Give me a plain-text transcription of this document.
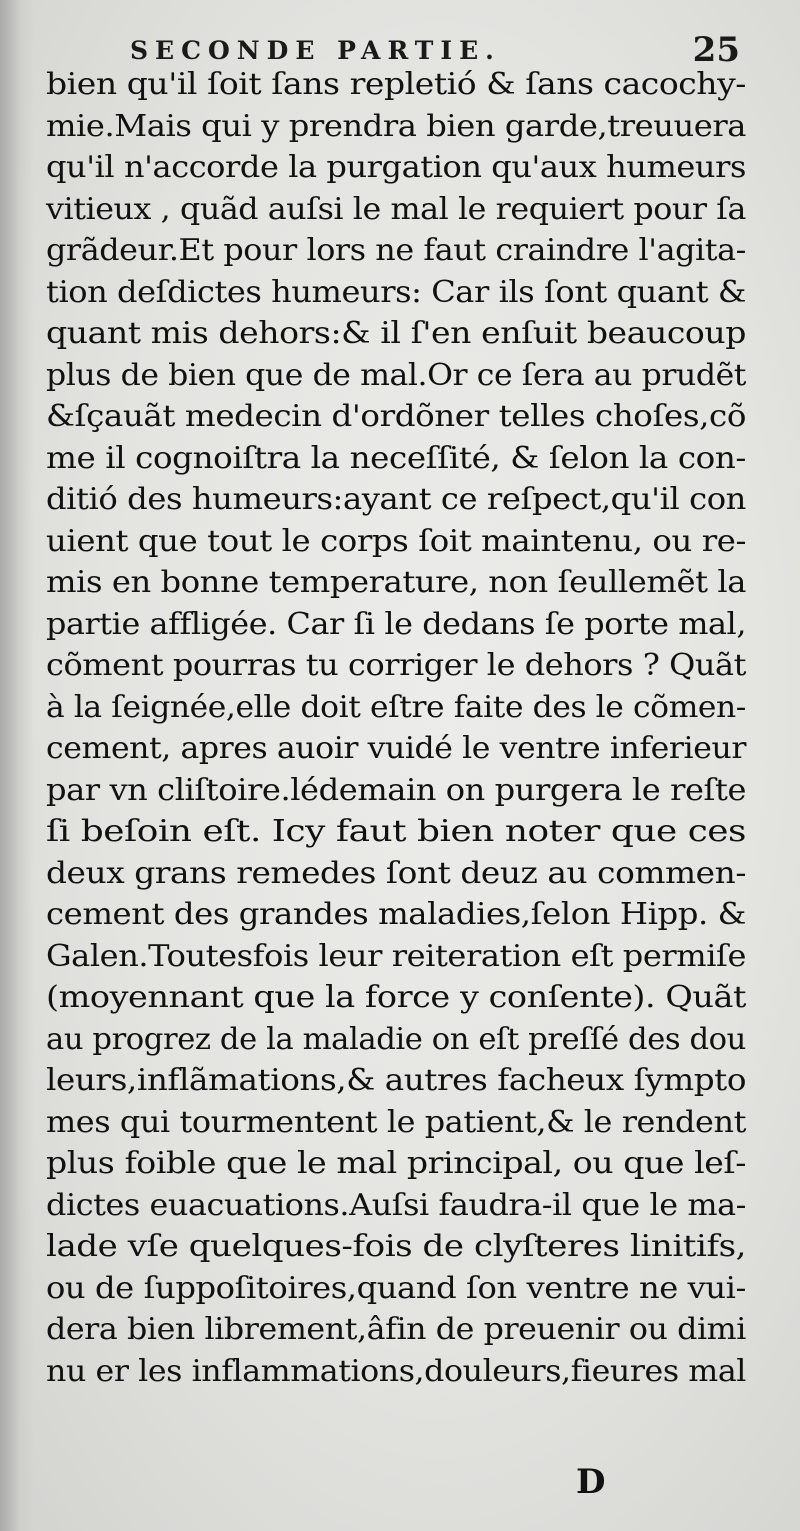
SECONDE PARTIE.	25
bien qu'il ſoit ſans repletió & ſans cacochy-
mie.Mais qui y prendra bien garde,treuuera
qu'il n'accorde la purgation qu'aux humeurs
vitieux , quãd auſsi le mal le requiert pour ſa
grãdeur.Et pour lors ne faut craindre l'agita-
tion deſdictes humeurs: Car ils ſont quant &
quant mis dehors:& il ſ'en enſuit beaucoup
plus de bien que de mal.Or ce ſera au prudẽt
&ſçauãt medecin d'ordõner telles choſes,cõ
me il cognoiſtra la neceſſité, & ſelon la con-
ditió des humeurs:ayant ce reſpect,qu'il con
uient que tout le corps ſoit maintenu, ou re-
mis en bonne temperature, non ſeullemẽt la
partie affligée. Car ſi le dedans ſe porte mal,
cõment pourras tu corriger le dehors ? Quãt
à la ſeignée,elle doit eſtre faite des le cõmen-
cement, apres auoir vuidé le ventre inferieur
par vn cliſtoire.lédemain on purgera le reſte
ſi beſoin eſt. Icy faut bien noter que ces
deux grans remedes ſont deuz au commen-
cement des grandes maladies,ſelon Hipp. &
Galen.Toutesfois leur reiteration eſt permiſe
(moyennant que la force y conſente). Quãt
au progrez de la maladie on eſt preſſé des dou
leurs,inflãmations,& autres facheux ſympto
mes qui tourmentent le patient,& le rendent
plus foible que le mal principal, ou que leſ-
dictes euacuations.Auſsi faudra-il que le ma-
lade vſe quelques-fois de clyſteres linitifs,
ou de ſuppoſitoires,quand ſon ventre ne vui-
dera bien librement,âfin de preuenir ou dimi
nu er les inflammations,douleurs,fieures mal
D
